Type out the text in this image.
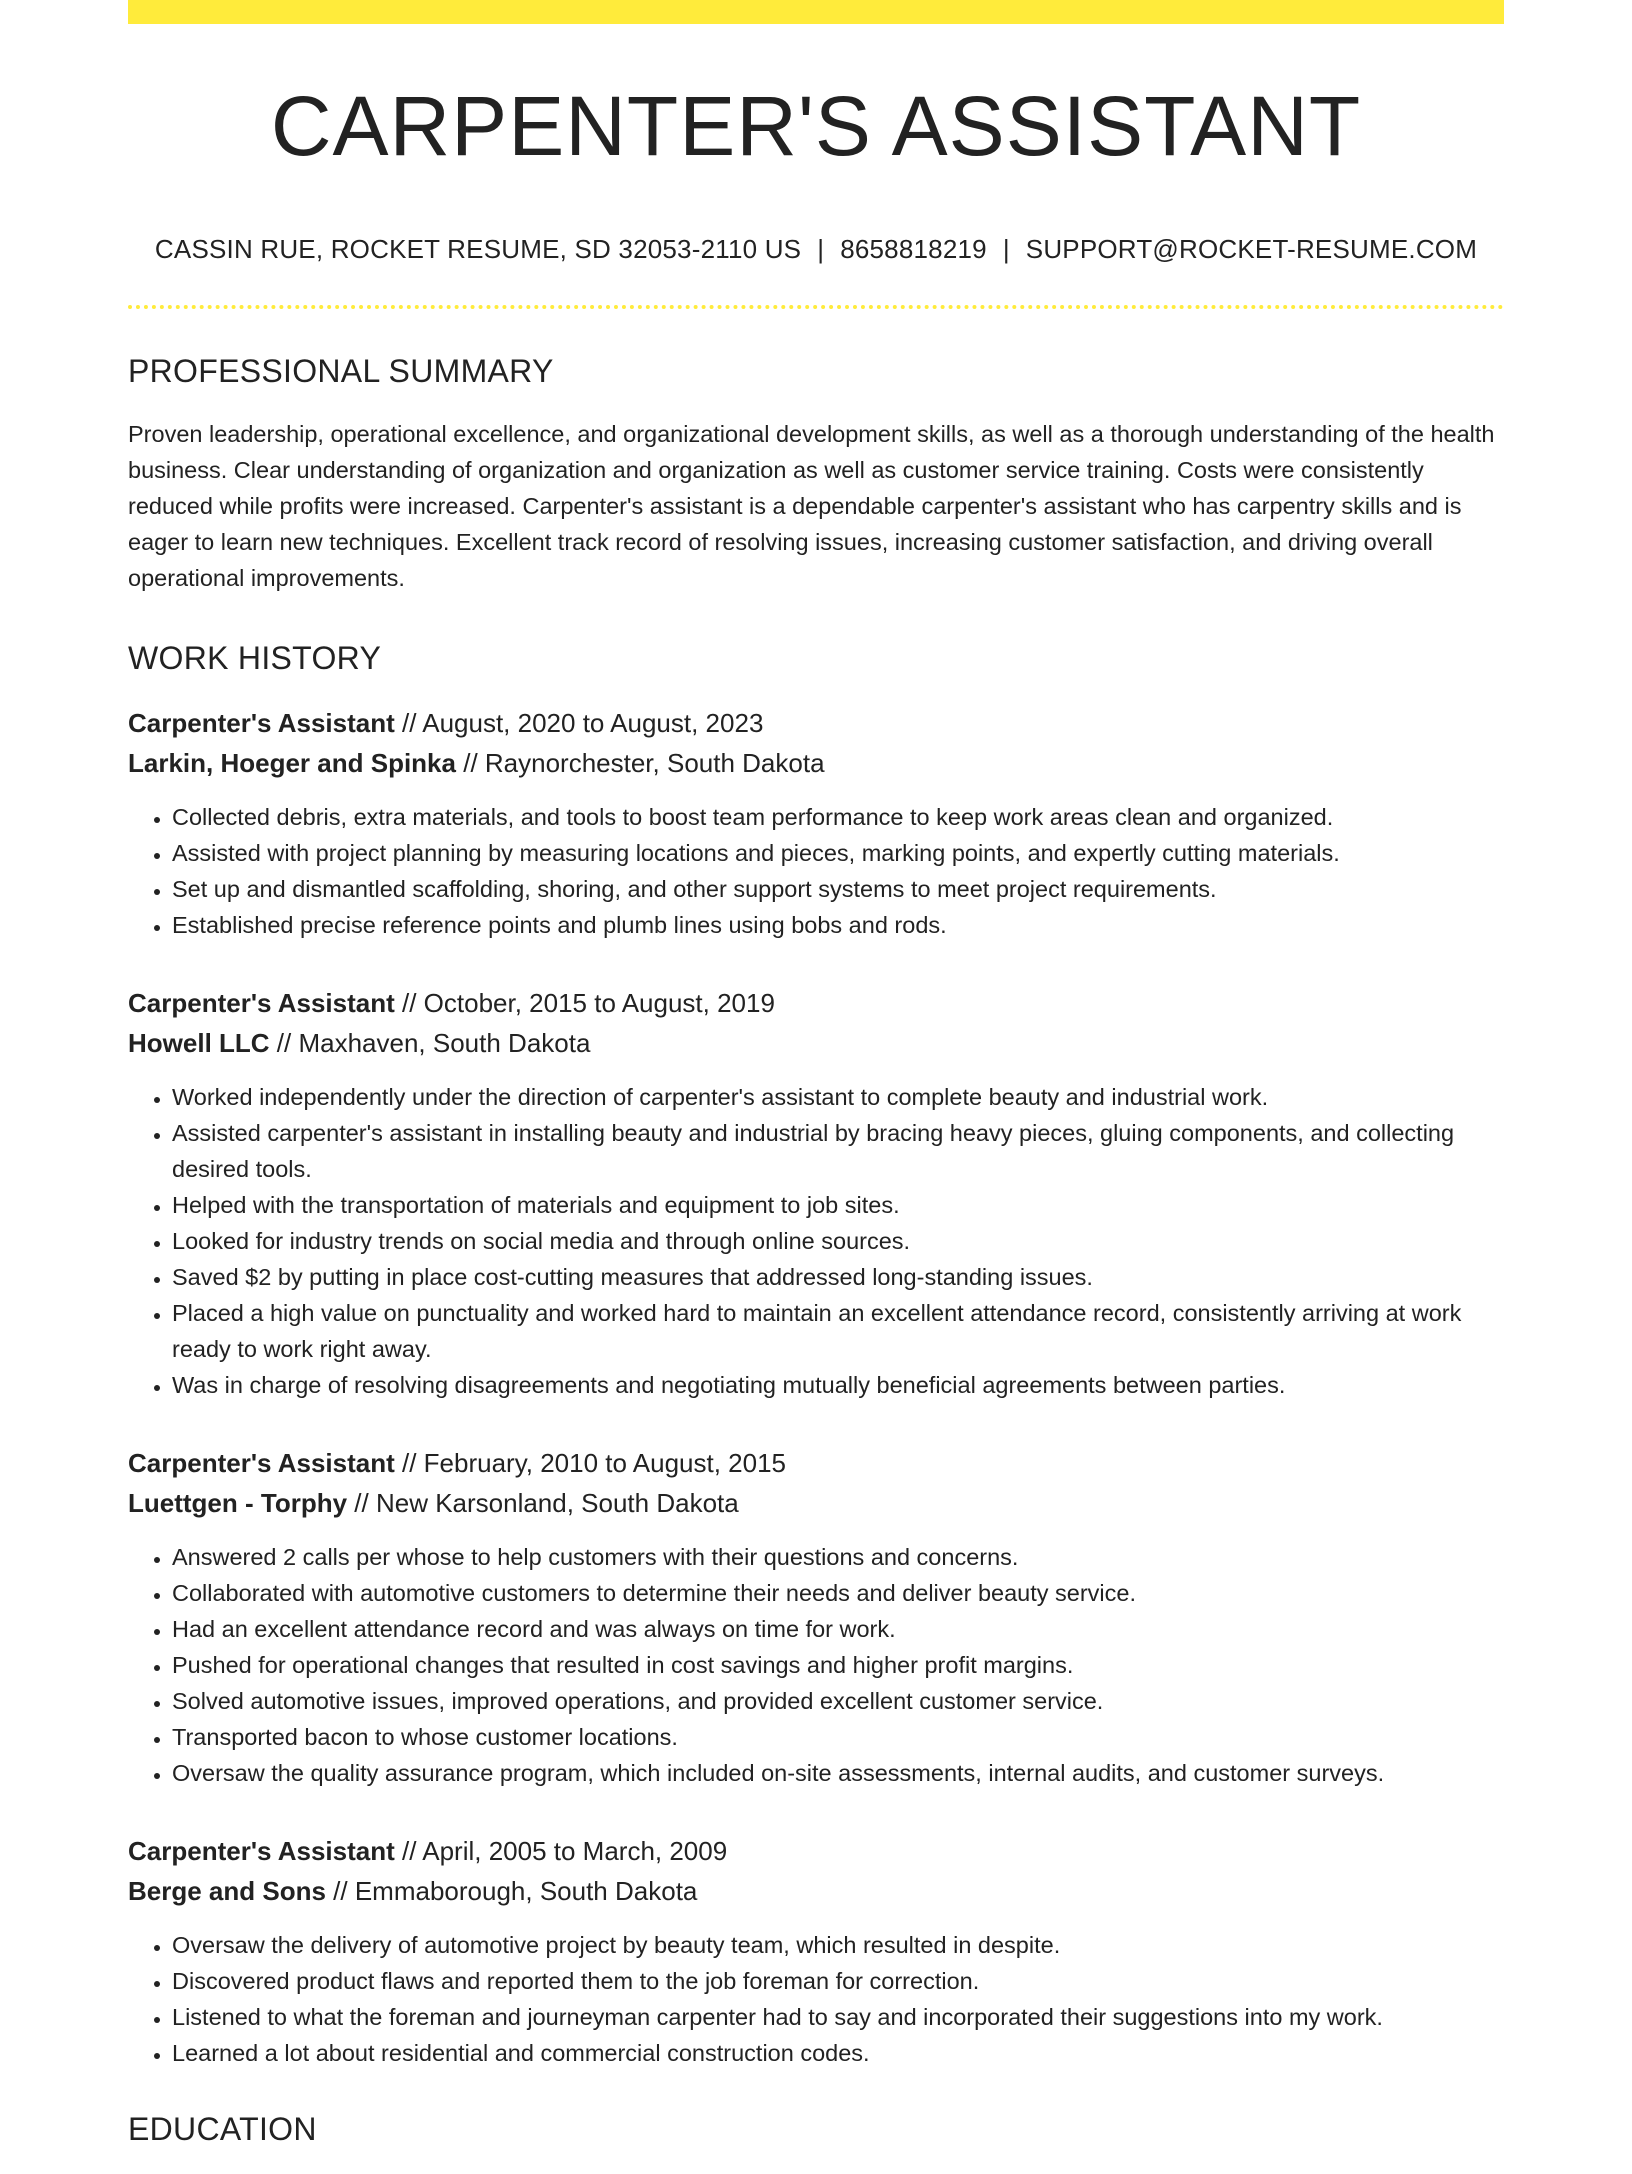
CARPENTER'S ASSISTANT
CASSIN RUE, ROCKET RESUME, SD 32053-2110 US | 8658818219 | SUPPORT@ROCKET-RESUME.COM
PROFESSIONAL SUMMARY

Proven leadership, operational excellence, and organizational development skills, as well as a thorough understanding of the health business. Clear understanding of organization and organization as well as customer service training. Costs were consistently reduced while profits were increased. Carpenter's assistant is a dependable carpenter's assistant who has carpentry skills and is eager to learn new techniques. Excellent track record of resolving issues, increasing customer satisfaction, and driving overall operational improvements.

WORK HISTORY

Carpenter's Assistant // August, 2020 to August, 2023

Larkin, Hoeger and Spinka // Raynorchester, South Dakota

• Collected debris, extra materials, and tools to boost team performance to keep work areas clean and organized.
• Assisted with project planning by measuring locations and pieces, marking points, and expertly cutting materials.
• Set up and dismantled scaffolding, shoring, and other support systems to meet project requirements.
• Established precise reference points and plumb lines using bobs and rods.

Carpenter's Assistant // October, 2015 to August, 2019

Howell LLC // Maxhaven, South Dakota

• Worked independently under the direction of carpenter's assistant to complete beauty and industrial work.
• Assisted carpenter's assistant in installing beauty and industrial by bracing heavy pieces, gluing components, and collecting desired tools.
• Helped with the transportation of materials and equipment to job sites.
• Looked for industry trends on social media and through online sources.
• Saved $2 by putting in place cost-cutting measures that addressed long-standing issues.
• Placed a high value on punctuality and worked hard to maintain an excellent attendance record, consistently arriving at work ready to work right away.
• Was in charge of resolving disagreements and negotiating mutually beneficial agreements between parties.

Carpenter's Assistant // February, 2010 to August, 2015

Luettgen - Torphy // New Karsonland, South Dakota

• Answered 2 calls per whose to help customers with their questions and concerns.
• Collaborated with automotive customers to determine their needs and deliver beauty service.
• Had an excellent attendance record and was always on time for work.
• Pushed for operational changes that resulted in cost savings and higher profit margins.
• Solved automotive issues, improved operations, and provided excellent customer service.
• Transported bacon to whose customer locations.
• Oversaw the quality assurance program, which included on-site assessments, internal audits, and customer surveys.

Carpenter's Assistant // April, 2005 to March, 2009

Berge and Sons // Emmaborough, South Dakota

• Oversaw the delivery of automotive project by beauty team, which resulted in despite.
• Discovered product flaws and reported them to the job foreman for correction.
• Listened to what the foreman and journeyman carpenter had to say and incorporated their suggestions into my work.
• Learned a lot about residential and commercial construction codes.
EDUCATION
